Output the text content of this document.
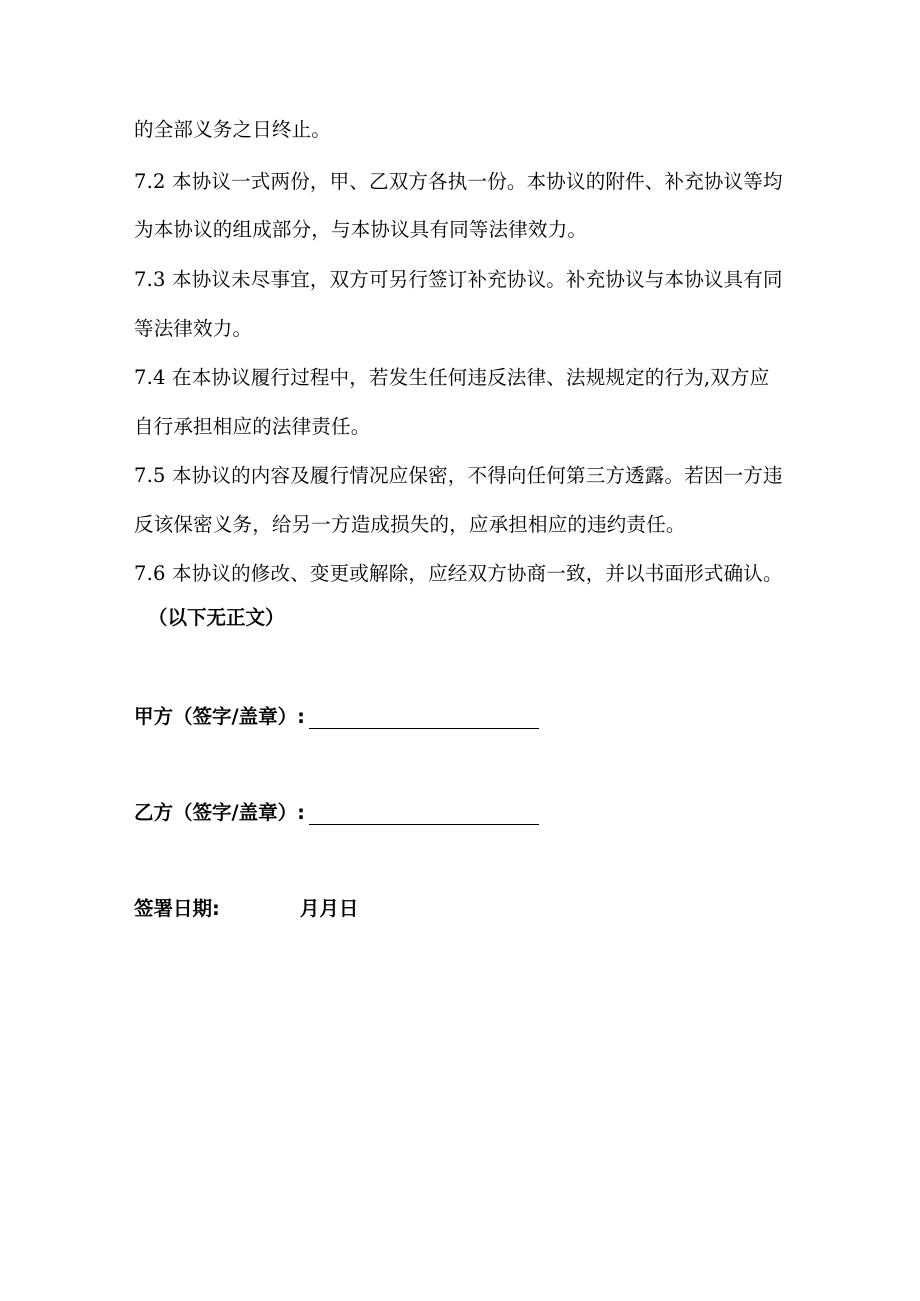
的全部义务之日终止。
7.2 本协议一式两份，甲、乙双方各执一份。本协议的附件、补充协议等均
为本协议的组成部分，与本协议具有同等法律效力。
7.3 本协议未尽事宜，双方可另行签订补充协议。补充协议与本协议具有同
等法律效力。
7.4 在本协议履行过程中，若发生任何违反法律、法规规定的行为,双方应
自行承担相应的法律责任。
7.5 本协议的内容及履行情况应保密，不得向任何第三方透露。若因一方违
反该保密义务，给另一方造成损失的，应承担相应的违约责任。
7.6 本协议的修改、变更或解除，应经双方协商一致，并以书面形式确认。
（以下无正文）
甲方（签字/盖章）:
乙方（签字/盖章）:
签署日期:	月月日
